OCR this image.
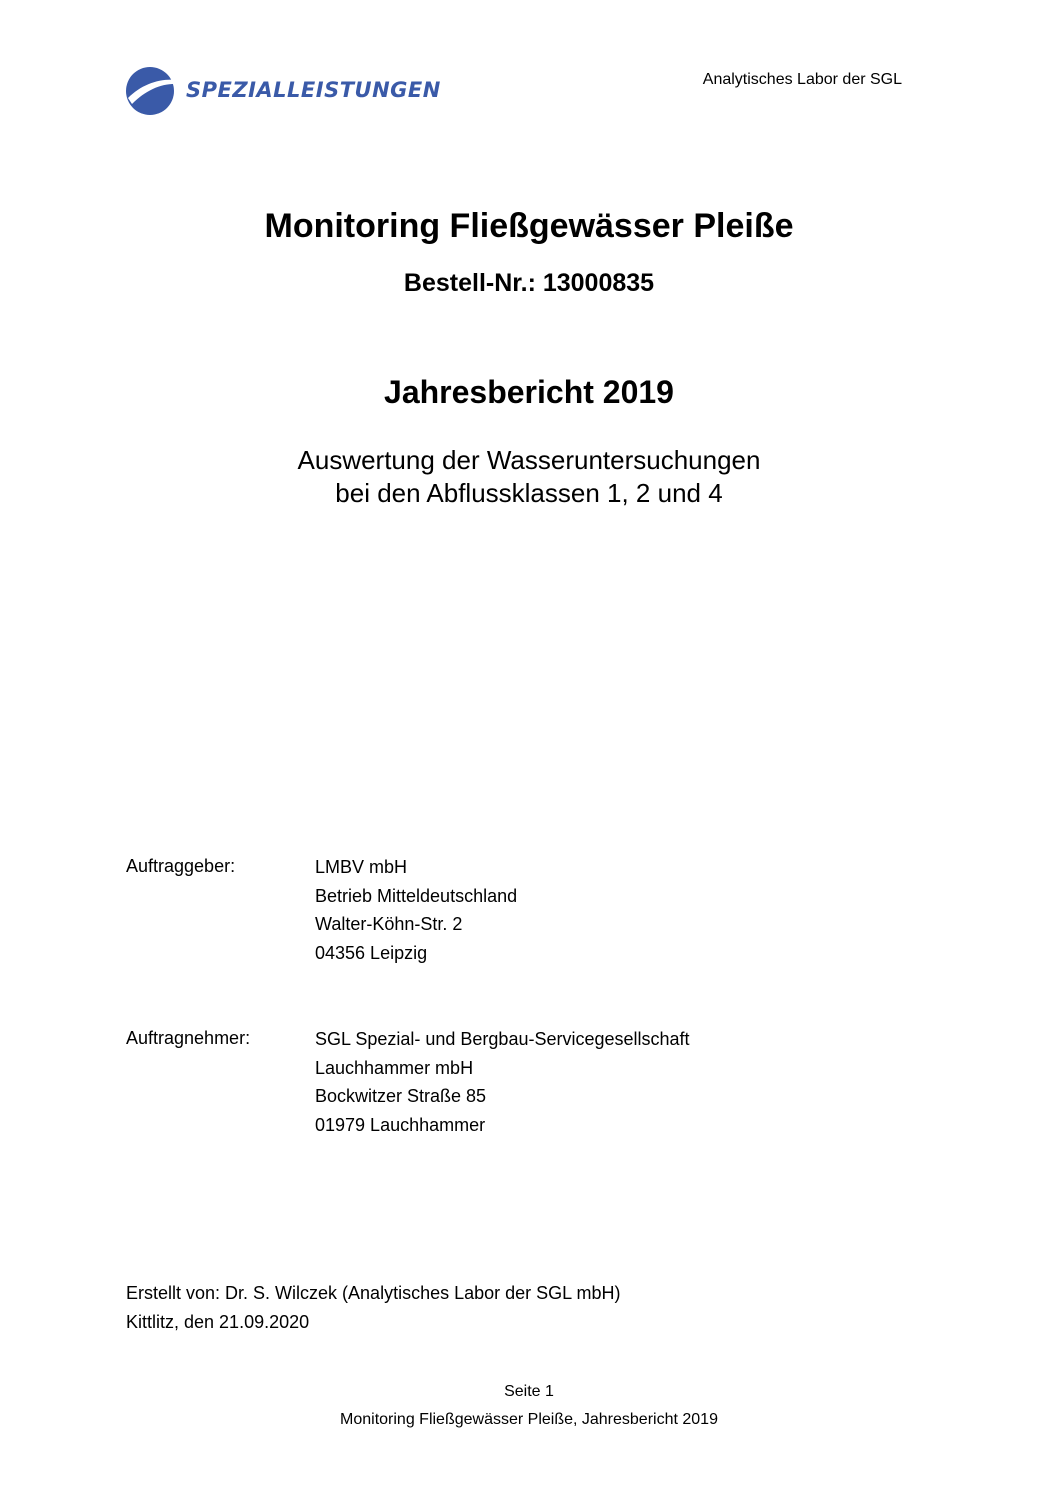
SPEZIALLEISTUNGEN	Analytisches Labor der SGL
Monitoring Fließgewässer Pleiße
Bestell-Nr.: 13000835
Jahresbericht 2019
Auswertung der Wasseruntersuchungen
bei den Abflussklassen 1, 2 und 4
Auftraggeber:	LMBV mbH
Betrieb Mitteldeutschland
Walter-Köhn-Str. 2
04356 Leipzig
Auftragnehmer:	SGL Spezial- und Bergbau-Servicegesellschaft
Lauchhammer mbH
Bockwitzer Straße 85
01979 Lauchhammer
Erstellt von: Dr. S. Wilczek (Analytisches Labor der SGL mbH)
Kittlitz, den 21.09.2020
Seite 1
Monitoring Fließgewässer Pleiße, Jahresbericht 2019
